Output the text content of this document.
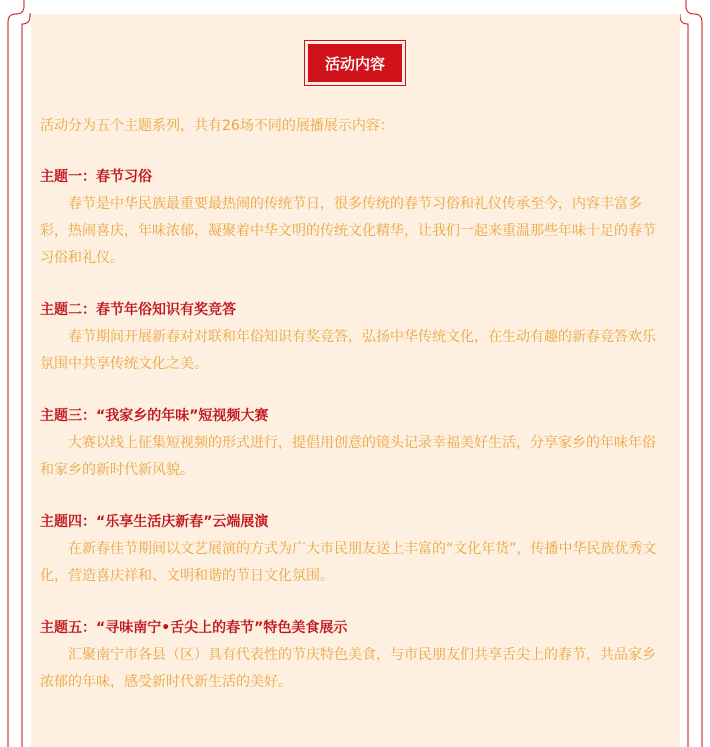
活动内容

活动分为五个主题系列，共有26场不同的展播展示内容：

主题一：春节习俗

春节是中华民族最重要最热闹的传统节日，很多传统的春节习俗和礼仪传承至今，内容丰富多彩，热闹喜庆，年味浓郁，凝聚着中华文明的传统文化精华，让我们一起来重温那些年味十足的春节习俗和礼仪。

主题二：春节年俗知识有奖竞答

春节期间开展新春对对联和年俗知识有奖竞答，弘扬中华传统文化，在生动有趣的新春竞答欢乐氛围中共享传统文化之美。

主题三：“我家乡的年味”短视频大赛

大赛以线上征集短视频的形式进行，提倡用创意的镜头记录幸福美好生活，分享家乡的年味年俗和家乡的新时代新风貌。

主题四：“乐享生活庆新春”云端展演

在新春佳节期间以文艺展演的方式为广大市民朋友送上丰富的“文化年货”，传播中华民族优秀文化，营造喜庆祥和、文明和谐的节日文化氛围。

主题五：“寻味南宁•舌尖上的春节”特色美食展示

汇聚南宁市各县（区）具有代表性的节庆特色美食，与市民朋友们共享舌尖上的春节，共品家乡浓郁的年味，感受新时代新生活的美好。
